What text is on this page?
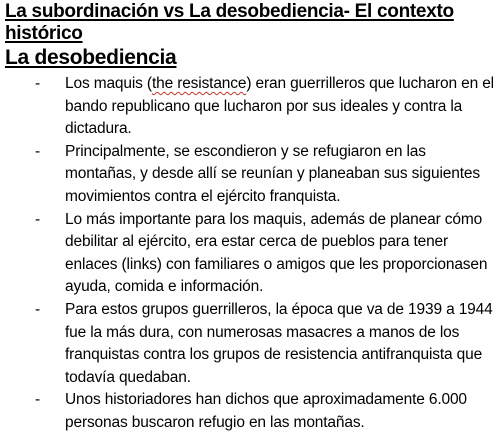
La subordinación vs La desobediencia- El contexto histórico
La desobediencia
-	Los maquis (the resistance) eran guerrilleros que lucharon en el bando republicano que lucharon por sus ideales y contra la dictadura.
-	Principalmente, se escondieron y se refugiaron en las montañas, y desde allí se reunían y planeaban sus siguientes movimientos contra el ejército franquista.
-	Lo más importante para los maquis, además de planear cómo debilitar al ejército, era estar cerca de pueblos para tener enlaces (links) con familiares o amigos que les proporcionasen ayuda, comida e información.
-	Para estos grupos guerrilleros, la época que va de 1939 a 1944 fue la más dura, con numerosas masacres a manos de los franquistas contra los grupos de resistencia antifranquista que todavía quedaban.
-	Unos historiadores han dichos que aproximadamente 6.000 personas buscaron refugio en las montañas.
